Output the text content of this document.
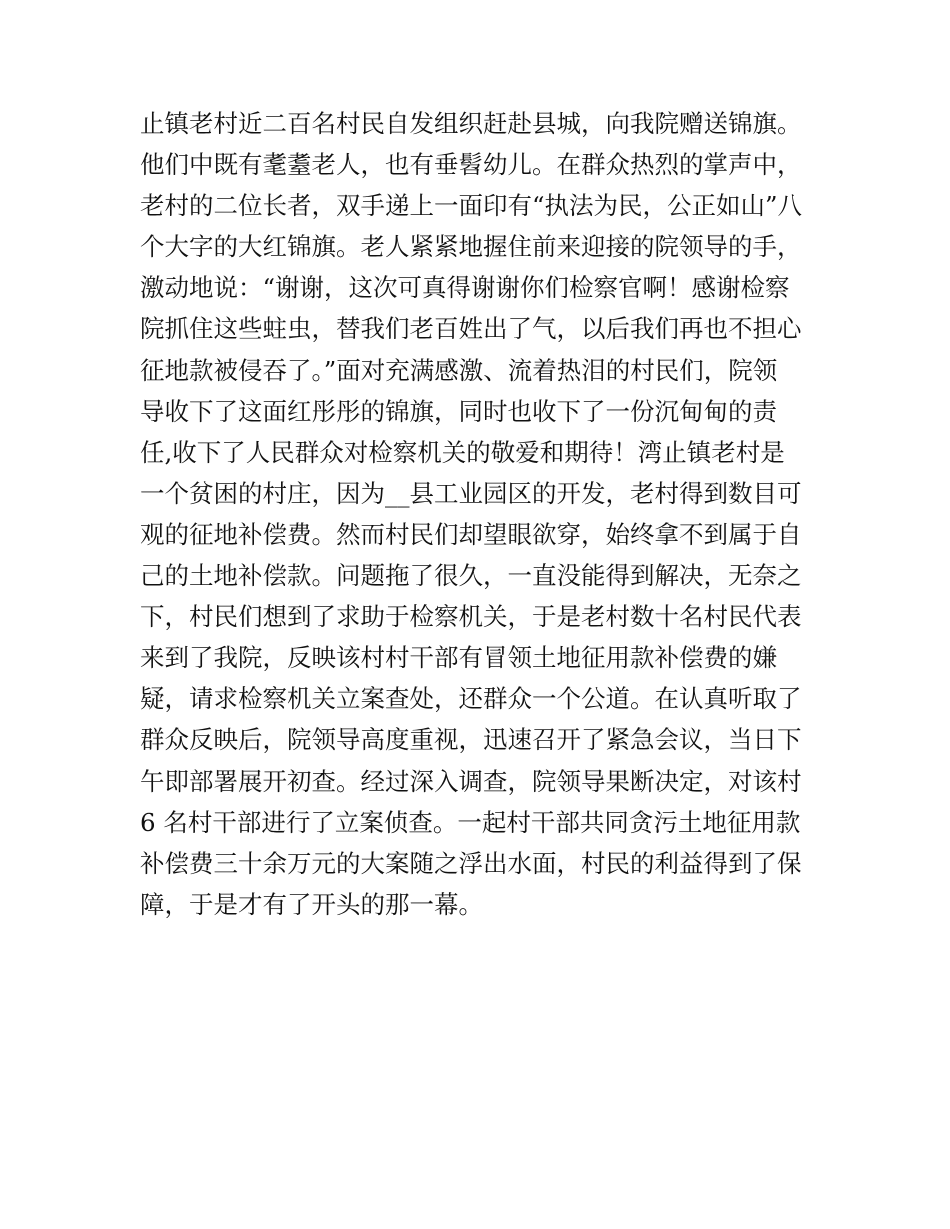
止镇老村近二百名村民自发组织赶赴县城，向我院赠送锦旗。
他们中既有耄耋老人，也有垂髫幼儿。在群众热烈的掌声中，
老村的二位长者，双手递上一面印有“执法为民，公正如山”八
个大字的大红锦旗。老人紧紧地握住前来迎接的院领导的手，
激动地说：“谢谢，这次可真得谢谢你们检察官啊！感谢检察
院抓住这些蛀虫，替我们老百姓出了气，以后我们再也不担心
征地款被侵吞了。”面对充满感激、流着热泪的村民们，院领
导收下了这面红彤彤的锦旗，同时也收下了一份沉甸甸的责
任,收下了人民群众对检察机关的敬爱和期待！湾止镇老村是
一个贫困的村庄，因为__县工业园区的开发，老村得到数目可
观的征地补偿费。然而村民们却望眼欲穿，始终拿不到属于自
己的土地补偿款。问题拖了很久，一直没能得到解决，无奈之
下，村民们想到了求助于检察机关，于是老村数十名村民代表
来到了我院，反映该村村干部有冒领土地征用款补偿费的嫌
疑，请求检察机关立案查处，还群众一个公道。在认真听取了
群众反映后，院领导高度重视，迅速召开了紧急会议，当日下
午即部署展开初查。经过深入调查，院领导果断决定，对该村
6 名村干部进行了立案侦查。一起村干部共同贪污土地征用款
补偿费三十余万元的大案随之浮出水面，村民的利益得到了保
障，于是才有了开头的那一幕。
